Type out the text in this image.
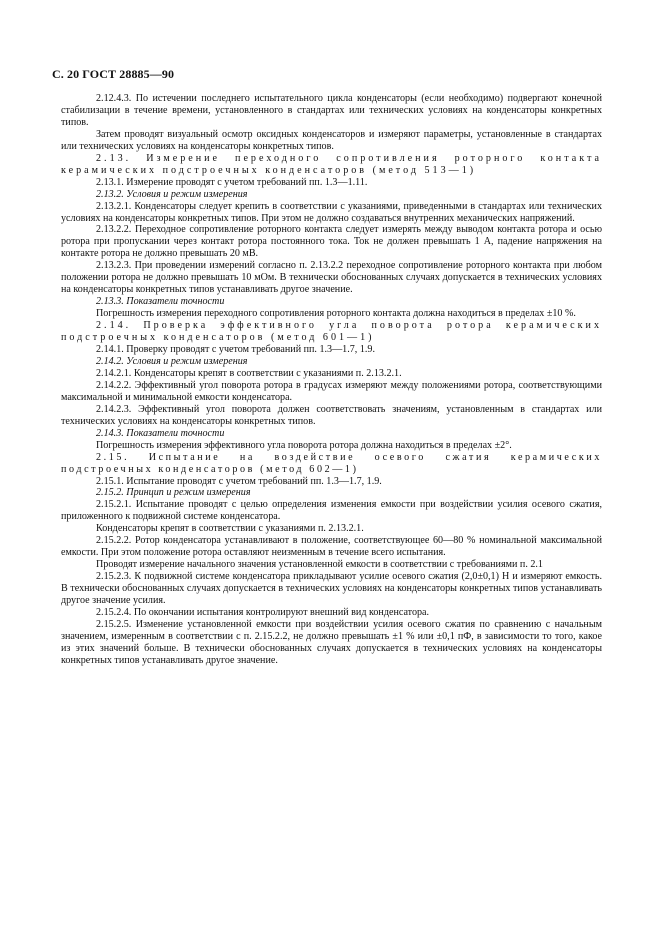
С. 20 ГОСТ 28885—90

2.12.4.3. По истечении последнего испытательного цикла конденсаторы (если необходимо) подвергают конечной стабилизации в течение времени, установленного в стандартах или технических условиях на конденсаторы конкретных типов.

Затем проводят визуальный осмотр оксидных конденсаторов и измеряют параметры, установленные в стандартах или технических условиях на конденсаторы конкретных типов.

2.13. Измерение переходного сопротивления роторного контакта керамических подстроечных конденсаторов (метод 513—1)

2.13.1. Измерение проводят с учетом требований пп. 1.3—1.11.

2.13.2. Условия и режим измерения

2.13.2.1. Конденсаторы следует крепить в соответствии с указаниями, приведенными в стандартах или технических условиях на конденсаторы конкретных типов. При этом не должно создаваться внутренних механических напряжений.

2.13.2.2. Переходное сопротивление роторного контакта следует измерять между выводом контакта ротора и осью ротора при пропускании через контакт ротора постоянного тока. Ток не должен превышать 1 А, падение напряжения на контакте ротора не должно превышать 20 мВ.

2.13.2.3. При проведении измерений согласно п. 2.13.2.2 переходное сопротивление роторного контакта при любом положении ротора не должно превышать 10 мОм. В технически обоснованных случаях допускается в технических условиях на конденсаторы конкретных типов устанавливать другое значение.

2.13.3. Показатели точности

Погрешность измерения переходного сопротивления роторного контакта должна находиться в пределах ±10 %.

2.14. Проверка эффективного угла поворота ротора керамических подстроечных конденсаторов (метод 601—1)

2.14.1. Проверку проводят с учетом требований пп. 1.3—1.7, 1.9.

2.14.2. Условия и режим измерения

2.14.2.1. Конденсаторы крепят в соответствии с указаниями п. 2.13.2.1.

2.14.2.2. Эффективный угол поворота ротора в градусах измеряют между положениями ротора, соответствующими максимальной и минимальной емкости конденсатора.

2.14.2.3. Эффективный угол поворота должен соответствовать значениям, установленным в стандартах или технических условиях на конденсаторы конкретных типов.

2.14.3. Показатели точности

Погрешность измерения эффективного угла поворота ротора должна находиться в пределах ±2°.

2.15. Испытание на воздействие осевого сжатия керамических подстроечных конденсаторов (метод 602—1)

2.15.1. Испытание проводят с учетом требований пп. 1.3—1.7, 1.9.

2.15.2. Принцип и режим измерения

2.15.2.1. Испытание проводят с целью определения изменения емкости при воздействии усилия осевого сжатия, приложенного к подвижной системе конденсатора.

Конденсаторы крепят в соответствии с указаниями п. 2.13.2.1.

2.15.2.2. Ротор конденсатора устанавливают в положение, соответствующее 60—80 % номинальной максимальной емкости. При этом положение ротора оставляют неизменным в течение всего испытания.

Проводят измерение начального значения установленной емкости в соответствии с требованиями п. 2.1

2.15.2.3. К подвижной системе конденсатора прикладывают усилие осевого сжатия (2,0±0,1) Н и измеряют емкость. В технически обоснованных случаях допускается в технических условиях на конденсаторы конкретных типов устанавливать другое значение усилия.

2.15.2.4. По окончании испытания контролируют внешний вид конденсатора.

2.15.2.5. Изменение установленной емкости при воздействии усилия осевого сжатия по сравнению с начальным значением, измеренным в соответствии с п. 2.15.2.2, не должно превышать ±1 % или ±0,1 пФ, в зависимости то того, какое из этих значений больше. В технически обоснованных случаях допускается в технических условиях на конденсаторы конкретных типов устанавливать другое значение.
